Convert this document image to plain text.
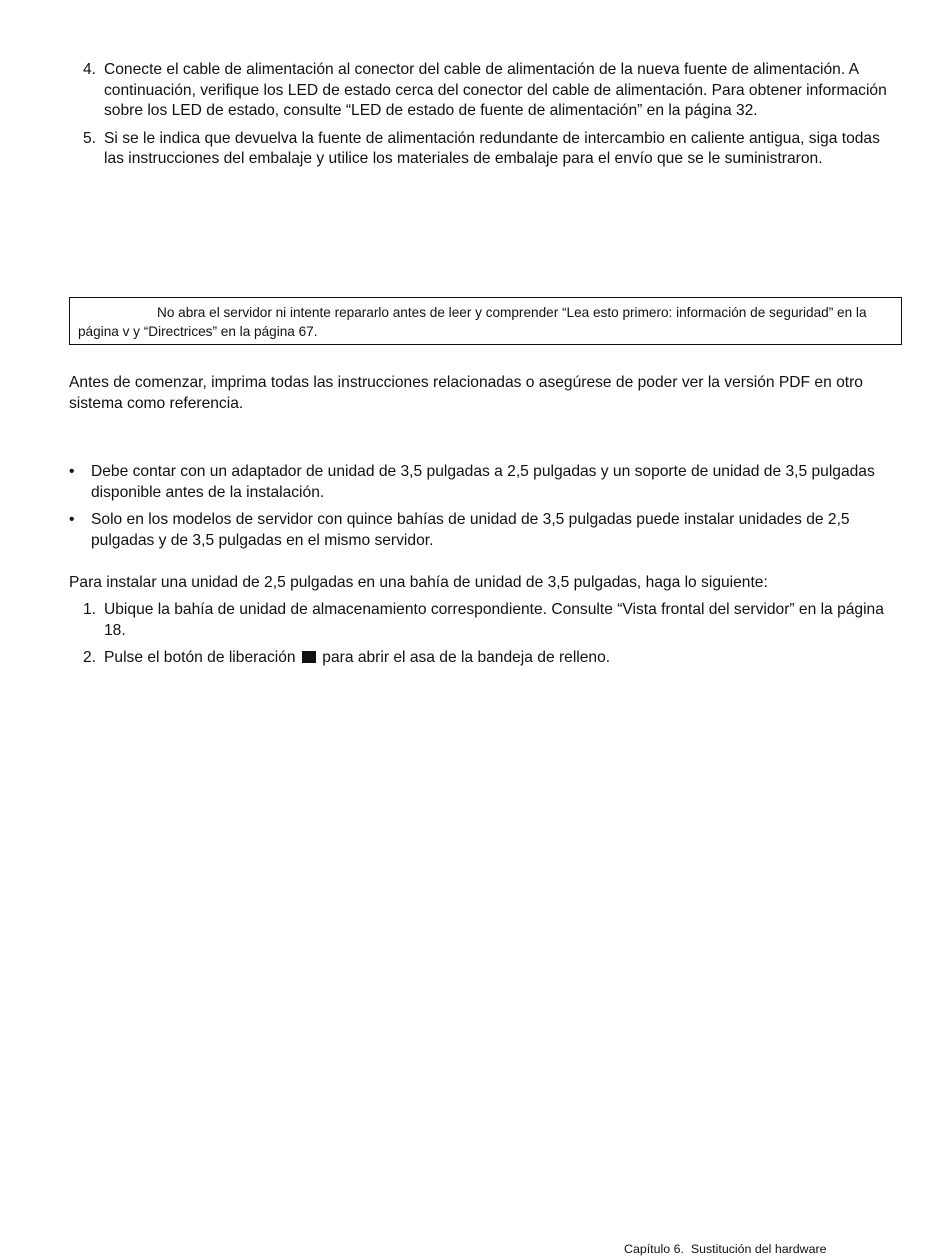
4. Conecte el cable de alimentación al conector del cable de alimentación de la nueva fuente de alimentación. A continuación, verifique los LED de estado cerca del conector del cable de alimentación. Para obtener información sobre los LED de estado, consulte “LED de estado de fuente de alimentación” en la página 32.
5. Si se le indica que devuelva la fuente de alimentación redundante de intercambio en caliente antigua, siga todas las instrucciones del embalaje y utilice los materiales de embalaje para el envío que se le suministraron.
No abra el servidor ni intente repararlo antes de leer y comprender “Lea esto primero: información de seguridad” en la página v y “Directrices” en la página 67.

Antes de comenzar, imprima todas las instrucciones relacionadas o asegúrese de poder ver la versión PDF en otro sistema como referencia.

• Debe contar con un adaptador de unidad de 3,5 pulgadas a 2,5 pulgadas y un soporte de unidad de 3,5 pulgadas disponible antes de la instalación.
• Solo en los modelos de servidor con quince bahías de unidad de 3,5 pulgadas puede instalar unidades de 2,5 pulgadas y de 3,5 pulgadas en el mismo servidor.

Para instalar una unidad de 2,5 pulgadas en una bahía de unidad de 3,5 pulgadas, haga lo siguiente:

1. Ubique la bahía de unidad de almacenamiento correspondiente. Consulte “Vista frontal del servidor” en la página 18.
2. Pulse el botón de liberación para abrir el asa de la bandeja de relleno.
Capítulo 6. Sustitución del hardware
